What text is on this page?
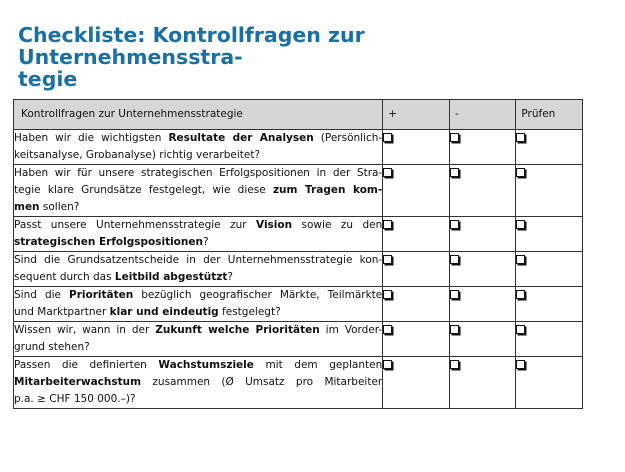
Checkliste: Kontrollfragen zur Unternehmensstra-
tegie
Kontrollfragen zur Unternehmensstrategie	+	-	Prüfen

Haben wir die wichtigsten Resultate der Analysen (Persönlich-
keitsanalyse, Grobanalyse) richtig verarbeitet?			

Haben wir für unsere strategischen Erfolgspositionen in der Stra-
tegie klare Grundsätze festgelegt, wie diese zum Tragen kom-
men sollen?			

Passt unsere Unternehmensstrategie zur Vision sowie zu den
strategischen Erfolgspositionen?			

Sind die Grundsatzentscheide in der Unternehmensstrategie kon-
sequent durch das Leitbild abgestützt?			

Sind die Prioritäten bezüglich geografischer Märkte, Teilmärkte
und Marktpartner klar und eindeutig festgelegt?			

Wissen wir, wann in der Zukunft welche Prioritäten im Vorder-
grund stehen?			

Passen die definierten Wachstumsziele mit dem geplanten
Mitarbeiterwachstum zusammen (Ø Umsatz pro Mitarbeiter
p.a. ≥ CHF 150 000.–)?			
